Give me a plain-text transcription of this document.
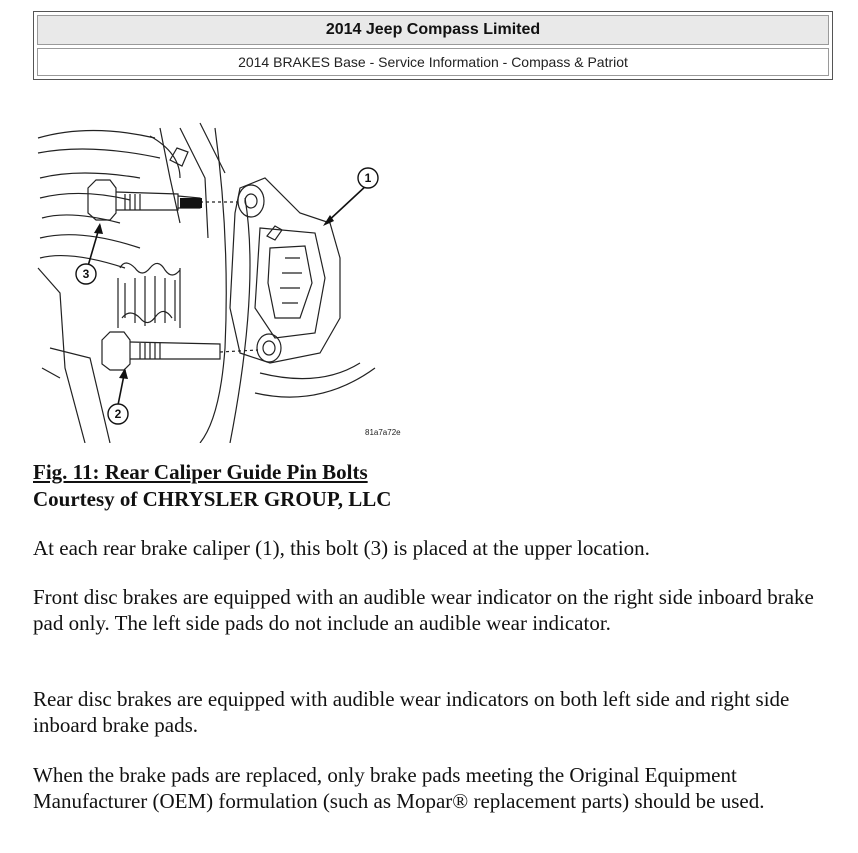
2014 Jeep Compass Limited
2014 BRAKES Base - Service Information - Compass & Patriot
1
3
2
81a7a72e
Fig. 11: Rear Caliper Guide Pin Bolts
Courtesy of CHRYSLER GROUP, LLC

At each rear brake caliper (1), this bolt (3) is placed at the upper location.

Front disc brakes are equipped with an audible wear indicator on the right side inboard brake pad only. The left side pads do not include an audible wear indicator.

Rear disc brakes are equipped with audible wear indicators on both left side and right side inboard brake pads.

When the brake pads are replaced, only brake pads meeting the Original Equipment Manufacturer (OEM) formulation (such as Mopar® replacement parts) should be used.
